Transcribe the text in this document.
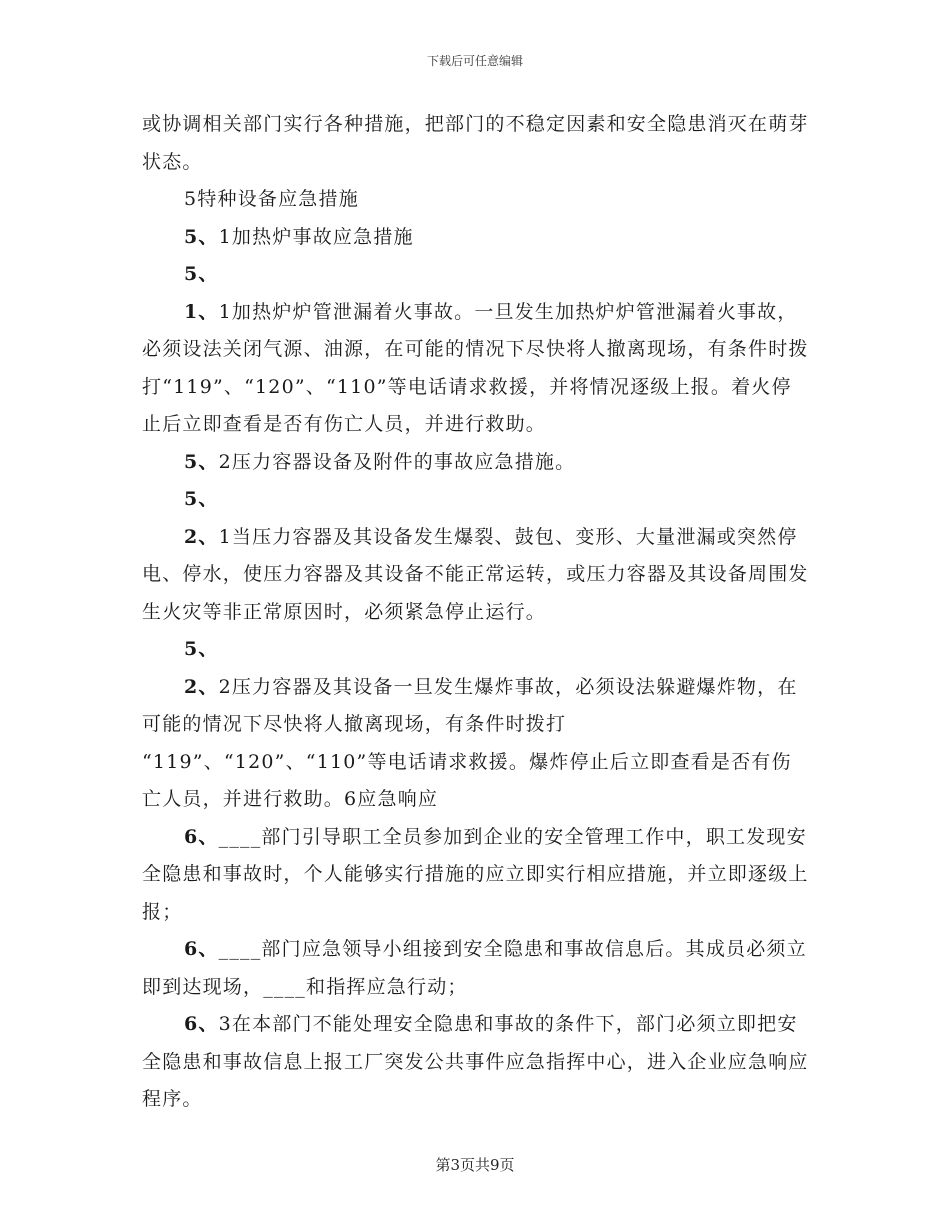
下载后可任意编辑

或协调相关部门实行各种措施，把部门的不稳定因素和安全隐患消灭在萌芽状态。

5特种设备应急措施

5、1加热炉事故应急措施

5、

1、1加热炉炉管泄漏着火事故。一旦发生加热炉炉管泄漏着火事故，必须设法关闭气源、油源，在可能的情况下尽快将人撤离现场，有条件时拨打“119”、“120”、“110”等电话请求救援，并将情况逐级上报。着火停止后立即查看是否有伤亡人员，并进行救助。

5、2压力容器设备及附件的事故应急措施。

5、

2、1当压力容器及其设备发生爆裂、鼓包、变形、大量泄漏或突然停电、停水，使压力容器及其设备不能正常运转，或压力容器及其设备周围发生火灾等非正常原因时，必须紧急停止运行。

5、

2、2压力容器及其设备一旦发生爆炸事故，必须设法躲避爆炸物，在可能的情况下尽快将人撤离现场，有条件时拨打

“119”、“120”、“110”等电话请求救援。爆炸停止后立即查看是否有伤亡人员，并进行救助。6应急响应

6、____部门引导职工全员参加到企业的安全管理工作中，职工发现安全隐患和事故时，个人能够实行措施的应立即实行相应措施，并立即逐级上报；

6、____部门应急领导小组接到安全隐患和事故信息后。其成员必须立即到达现场，____和指挥应急行动；

6、3在本部门不能处理安全隐患和事故的条件下，部门必须立即把安全隐患和事故信息上报工厂突发公共事件应急指挥中心，进入企业应急响应程序。

第3页共9页
